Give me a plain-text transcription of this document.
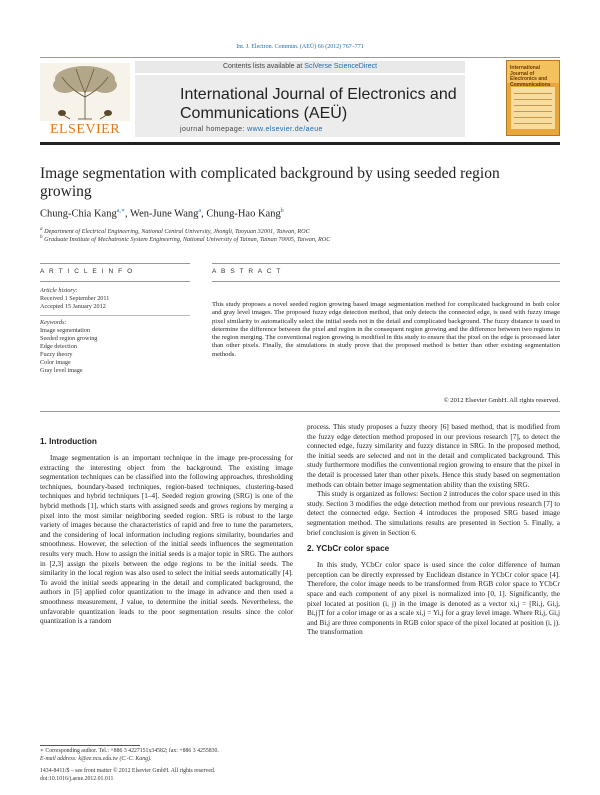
Int. J. Electron. Commun. (AEÜ) 66 (2012) 767–771
ELSEVIER
Contents lists available at SciVerse ScienceDirect
International Journal of Electronics and
Communications (AEÜ)
journal homepage: www.elsevier.de/aeue
International Journal of Electronics and Communications
Image segmentation with complicated background by using seeded region
growing
Chung-Chia Kang$^{a,∗}$, Wen-June Wang$^a$, Chung-Hao Kang$^b$
$^a$ Department of Electrical Engineering, National Central University, Jhongli, Taoyuan 32001, Taiwan, ROC
$^b$ Graduate Institute of Mechatronic System Engineering, National University of Tainan, Tainan 70005, Taiwan, ROC
A R T I C L E I N F O	A B S T R A C T
Article history:
Received 1 September 2011
Accepted 15 January 2012
Keywords:
Image segmentation
Seeded region growing
Edge detection
Fuzzy theory
Color image
Gray level image
This study proposes a novel seeded region growing based image segmentation method for complicated background in both color and gray level images. The proposed fuzzy edge detection method, that only detects the connected edge, is used with fuzzy image pixel similarity to automatically select the initial seeds not in the detail and complicated background. The fuzzy distance is used to determine the difference between the pixel and region in the consequent region growing and the difference between two regions in the region merging. The conventional region growing is modified in this study to ensure that the pixel on the edge is processed later than other pixels. Finally, the simulations in study prove that the proposed method is better than other existing segmentation methods.
© 2012 Elsevier GmbH. All rights reserved.
1. Introduction

Image segmentation is an important technique in the image pre-processing for extracting the interesting object from the background. The existing image segmentation techniques can be classified into the following approaches, thresholding techniques, boundary-based techniques, region-based techniques, clustering-based techniques and hybrid techniques [1–4]. Seeded region growing (SRG) is one of the hybrid methods [1], which starts with assigned seeds and grows regions by merging a pixel into the most similar neighboring seeded region. SRG is robust to the large variety of images because the characteristics of rapid and free to tune the parameters, and the considering of local information including regions similarity, boundaries and smoothness. However, the selection of the initial seeds influences the segmentation results very much. How to assign the initial seeds is a major topic in SRG. The authors in [2,3] assign the pixels between the edge regions to be the initial seeds. The similarity in the local region was also used to select the initial seeds automatically [4]. To avoid the initial seeds appearing in the detail and complicated background, the authors in [5] applied color quantization to the image in advance and then used a smoothness measurement, J value, to determine the initial seeds. Nevertheless, the unfavorable quantization leads to the poor segmentation results since the color quantization is a random

process. This study proposes a fuzzy theory [6] based method, that is modified from the fuzzy edge detection method proposed in our previous research [7], to detect the connected edge, fuzzy similarity and fuzzy distance in SRG. In the proposed method, the initial seeds are selected and not in the detail and complicated background. This study furthermore modifies the conventional region growing to ensure that the pixel in the detail is processed later than other pixels. Hence this study based on segmentation methods can obtain better image segmentation ability than the existing SRG.

This study is organized as follows: Section 2 introduces the color space used in this study. Section 3 modifies the edge detection method from our previous research [7] to detect the connected edge. Section 4 introduces the proposed SRG based image segmentation method. The simulations results are presented in Section 5. Finally, a brief conclusion is given in Section 6.

2. YCbCr color space

In this study, YCbCr color space is used since the color difference of human perception can be directly expressed by Euclidean distance in YCbCr color space [4]. Therefore, the color image needs to be transformed from RGB color space to YCbCr space and each component of any pixel is normalized into [0, 1]. Significantly, the pixel located at position (i, j) in the image is denoted as a vector xi,j = [Ri,j, Gi,j, Bi,j]T for a color image or as a scale xi,j = Yi,j for a gray level image. Where Ri,j, Gi,j and Bi,j are three components in RGB color space of the pixel located at position (i, j). The transformation

∗ Corresponding author. Tel.: +886 3 4227151x34582; fax: +886 3 4255830.
E-mail address: k@ee.ncu.edu.tw (C.-C. Kang).
1434-8411/$ – see front matter © 2012 Elsevier GmbH. All rights reserved.
doi:10.1016/j.aeue.2012.01.011
